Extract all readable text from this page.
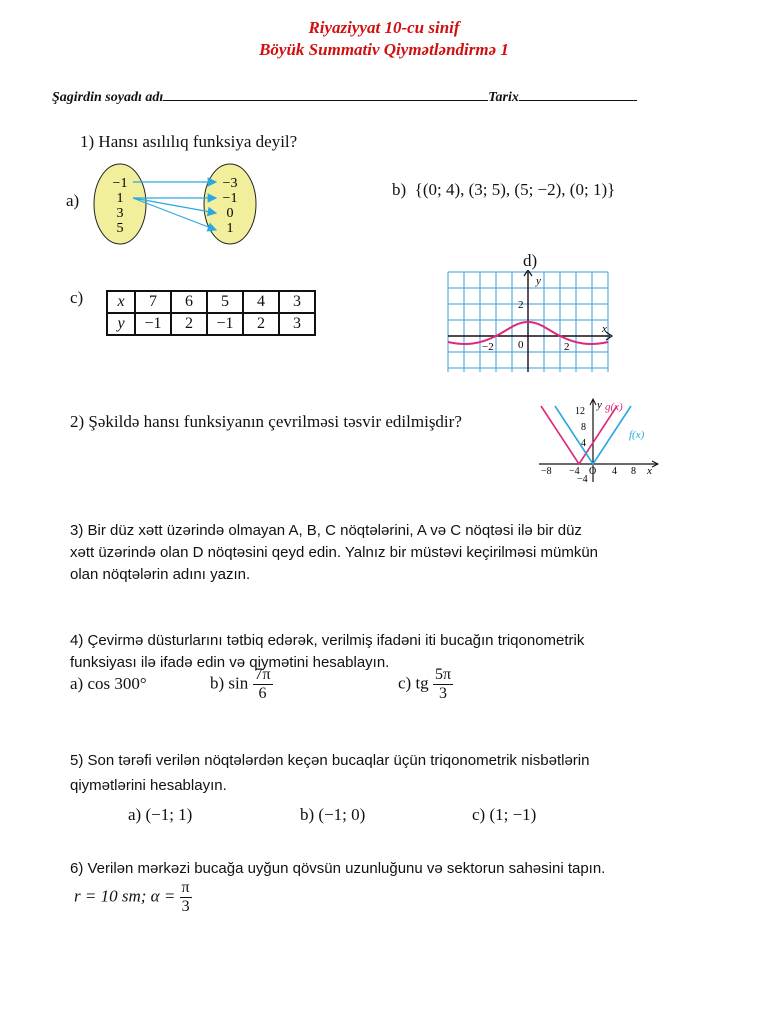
Riyaziyyat 10-cu sinif
Böyük Summativ Qiymətləndirmə 1
Şagirdin soyadı adı	Tarix
1) Hansı asılılıq funksiya deyil?
a)
−1
1
3
5
−3
−1
0
1
b) {(0; 4), (3; 5), (5; −2), (0; 1)}
c) x	7	6	5	4	3
y	−1	2	−1	2	3
d)
y
x
2
−2 0	2
2) Şəkildə hansı funksiyanın çevrilməsi təsvir edilmişdir?
y g(x)
f(x)
12
8
4
−4
−8 −4 O 4 8 x
3) Bir düz xətt üzərində olmayan A, B, C nöqtələrini, A və C nöqtəsi ilə bir düz
xətt üzərində olan D nöqtəsini qeyd edin. Yalnız bir müstəvi keçirilməsi mümkün
olan nöqtələrin adını yazın.
4) Çevirmə düsturlarını tətbiq edərək, verilmiş ifadəni iti bucağın triqonometrik
funksiyası ilə ifadə edin və qiymətini hesablayın.
a) cos 300°	b) $\sin \frac{7\pi}{6}$	c) tg $\frac{5\pi}{3}$
5) Son tərəfi verilən nöqtələrdən keçən bucaqlar üçün triqonometrik nisbətlərin
qiymətlərini hesablayın.
a) (−1; 1)	b) (−1; 0)	c) (1; −1)
6) Verilən mərkəzi bucağa uyğun qövsün uzunluğunu və sektorun sahəsini tapın.
r = 10 sm; $\alpha = \frac{\pi}{3}$
